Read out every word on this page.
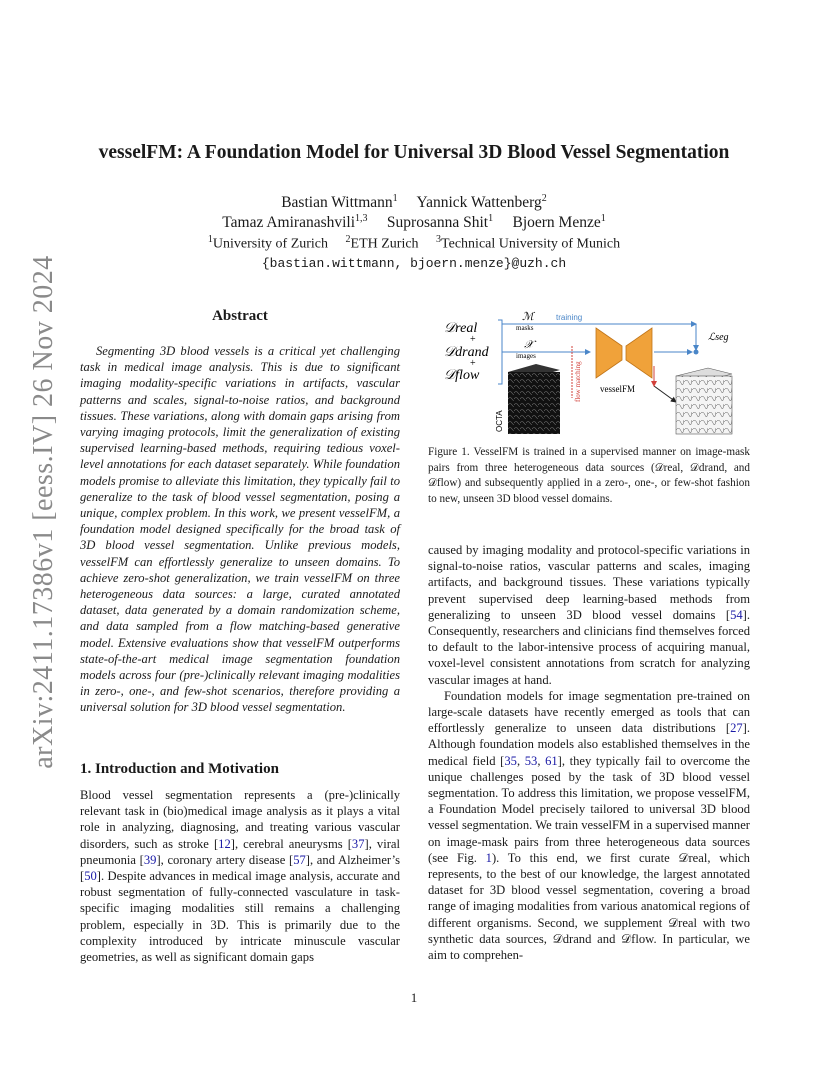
arXiv:2411.17386v1 [eess.IV] 26 Nov 2024
vesselFM: A Foundation Model for Universal 3D Blood Vessel Segmentation
Bastian Wittmann$^1$ Yannick Wattenberg$^2$
Tamaz Amiranashvili$^{1,3}$ Suprosanna Shit$^1$ Bjoern Menze$^1$
$^1$University of Zurich $^2$ETH Zurich $^3$Technical University of Munich
{bastian.wittmann, bjoern.menze}@uzh.ch
Abstract

Segmenting 3D blood vessels is a critical yet challenging task in medical image analysis. This is due to significant imaging modality-specific variations in artifacts, vascular patterns and scales, signal-to-noise ratios, and background tissues. These variations, along with domain gaps arising from varying imaging protocols, limit the generalization of existing supervised learning-based methods, requiring tedious voxel-level annotations for each dataset separately. While foundation models promise to alleviate this limitation, they typically fail to generalize to the task of blood vessel segmentation, posing a unique, complex problem. In this work, we present vesselFM, a foundation model designed specifically for the broad task of 3D blood vessel segmentation. Unlike previous models, vesselFM can effortlessly generalize to unseen domains. To achieve zero-shot generalization, we train vesselFM on three heterogeneous data sources: a large, curated annotated dataset, data generated by a domain randomization scheme, and data sampled from a flow matching-based generative model. Extensive evaluations show that vesselFM outperforms state-of-the-art medical image segmentation foundation models across four (pre-)clinically relevant imaging modalities in zero-, one-, and few-shot scenarios, therefore providing a universal solution for 3D blood vessel segmentation.

1. Introduction and Motivation

Blood vessel segmentation represents a (pre-)clinically relevant task in (bio)medical image analysis as it plays a vital role in analyzing, diagnosing, and treating various vascular disorders, such as stroke [12], cerebral aneurysms [37], viral pneumonia [39], coronary artery disease [57], and Alzheimer’s [50]. Despite advances in medical image analysis, accurate and robust segmentation of fully-connected vasculature in task-specific imaging modalities still remains a challenging problem, especially in 3D. This is primarily due to the complexity introduced by intricate minuscule vascular geometries, as well as significant domain gaps

𝒟real
+
𝒟drand
+
𝒟flow
ℳ
masks
training
𝒳
images
ℒseg
flow matching vesselFM
OCTA
Figure 1. VesselFM is trained in a supervised manner on image-mask pairs from three heterogeneous data sources (𝒟real, 𝒟drand, and 𝒟flow) and subsequently applied in a zero-, one-, or few-shot fashion to new, unseen 3D blood vessel domains.

caused by imaging modality and protocol-specific variations in signal-to-noise ratios, vascular patterns and scales, imaging artifacts, and background tissues. These variations typically prevent supervised deep learning-based methods from generalizing to unseen 3D blood vessel domains [54]. Consequently, researchers and clinicians find themselves forced to default to the labor-intensive process of acquiring manual, voxel-level consistent annotations from scratch for analyzing vascular images at hand.

Foundation models for image segmentation pre-trained on large-scale datasets have recently emerged as tools that can effortlessly generalize to unseen data distributions [27]. Although foundation models also established themselves in the medical field [35, 53, 61], they typically fail to overcome the unique challenges posed by the task of 3D blood vessel segmentation. To address this limitation, we propose vesselFM, a Foundation Model precisely tailored to universal 3D blood vessel segmentation. We train vesselFM in a supervised manner on image-mask pairs from three heterogeneous data sources (see Fig. 1). To this end, we first curate 𝒟real, which represents, to the best of our knowledge, the largest annotated dataset for 3D blood vessel segmentation, covering a broad range of imaging modalities from various anatomical regions of different organisms. Second, we supplement 𝒟real with two synthetic data sources, 𝒟drand and 𝒟flow. In particular, we aim to comprehen-

1
